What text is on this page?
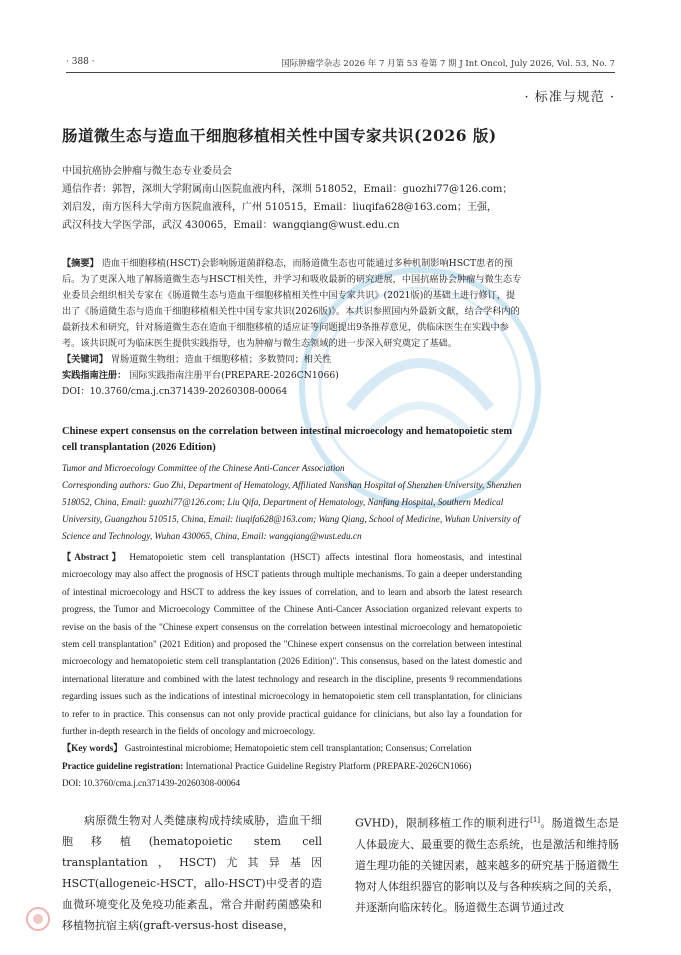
· 388 ·	国际肿瘤学杂志 2026 年 7 月第 53 卷第 7 期 J Int Oncol, July 2026, Vol. 53, No. 7
· 标准与规范 ·
肠道微生态与造血干细胞移植相关性中国专家共识(2026 版)
中国抗癌协会肿瘤与微生态专业委员会
通信作者：郭智，深圳大学附属南山医院血液内科，深圳 518052，Email：guozhi77@126.com；
刘启发，南方医科大学南方医院血液科，广州 510515，Email：liuqifa628@163.com；王强，
武汉科技大学医学部，武汉 430065，Email：wangqiang@wust.edu.cn
【摘要】 造血干细胞移植(HSCT)会影响肠道菌群稳态，而肠道微生态也可能通过多种机制影响HSCT患者的预后。为了更深入地了解肠道微生态与HSCT相关性，并学习和吸收最新的研究进展，中国抗癌协会肿瘤与微生态专业委员会组织相关专家在《肠道微生态与造血干细胞移植相关性中国专家共识》(2021版)的基础上进行修订，提出了《肠道微生态与造血干细胞移植相关性中国专家共识(2026版)》。本共识参照国内外最新文献，结合学科内的最新技术和研究，针对肠道微生态在造血干细胞移植的适应证等问题提出9条推荐意见，供临床医生在实践中参考。该共识既可为临床医生提供实践指导，也为肿瘤与微生态领域的进一步深入研究奠定了基础。
【关键词】 胃肠道微生物组；造血干细胞移植；多数赞同；相关性
实践指南注册： 国际实践指南注册平台(PREPARE-2026CN1066)
DOI：10.3760/cma.j.cn371439-20260308-00064
Chinese expert consensus on the correlation between intestinal microecology and hematopoietic stem cell transplantation (2026 Edition)
Tumor and Microecology Committee of the Chinese Anti-Cancer Association
Corresponding authors: Guo Zhi, Department of Hematology, Affiliated Nanshan Hospital of Shenzhen University, Shenzhen 518052, China, Email: guozhi77@126.com; Liu Qifa, Department of Hematology, Nanfang Hospital, Southern Medical University, Guangzhou 510515, China, Email: liuqifa628@163.com; Wang Qiang, School of Medicine, Wuhan University of Science and Technology, Wuhan 430065, China, Email: wangqiang@wust.edu.cn
【Abstract】 Hematopoietic stem cell transplantation (HSCT) affects intestinal flora homeostasis, and intestinal microecology may also affect the prognosis of HSCT patients through multiple mechanisms. To gain a deeper understanding of intestinal microecology and HSCT to address the key issues of correlation, and to learn and absorb the latest research progress, the Tumor and Microecology Committee of the Chinese Anti-Cancer Association organized relevant experts to revise on the basis of the "Chinese expert consensus on the correlation between intestinal microecology and hematopoietic stem cell transplantation" (2021 Edition) and proposed the "Chinese expert consensus on the correlation between intestinal microecology and hematopoietic stem cell transplantation (2026 Edition)". This consensus, based on the latest domestic and international literature and combined with the latest technology and research in the discipline, presents 9 recommendations regarding issues such as the indications of intestinal microecology in hematopoietic stem cell transplantation, for clinicians to refer to in practice. This consensus can not only provide practical guidance for clinicians, but also lay a foundation for further in-depth research in the fields of oncology and microecology.
【Key words】 Gastrointestinal microbiome; Hematopoietic stem cell transplantation; Consensus; Correlation
Practice guideline registration: International Practice Guideline Registry Platform (PREPARE-2026CN1066)
DOI: 10.3760/cma.j.cn371439-20260308-00064
病原微生物对人类健康构成持续威胁，造血干细胞移植(hematopoietic stem cell transplantation，HSCT)尤其异基因HSCT(allogeneic-HSCT，allo-HSCT)中受者的造血微环境变化及免疫功能紊乱，常合并耐药菌感染和移植物抗宿主病(graft-versus-host disease，
GVHD)，限制移植工作的顺利进行[1]。肠道微生态是人体最庞大、最重要的微生态系统，也是激活和维持肠道生理功能的关键因素，越来越多的研究基于肠道微生物对人体组织器官的影响以及与各种疾病之间的关系，并逐渐向临床转化。肠道微生态调节通过改
